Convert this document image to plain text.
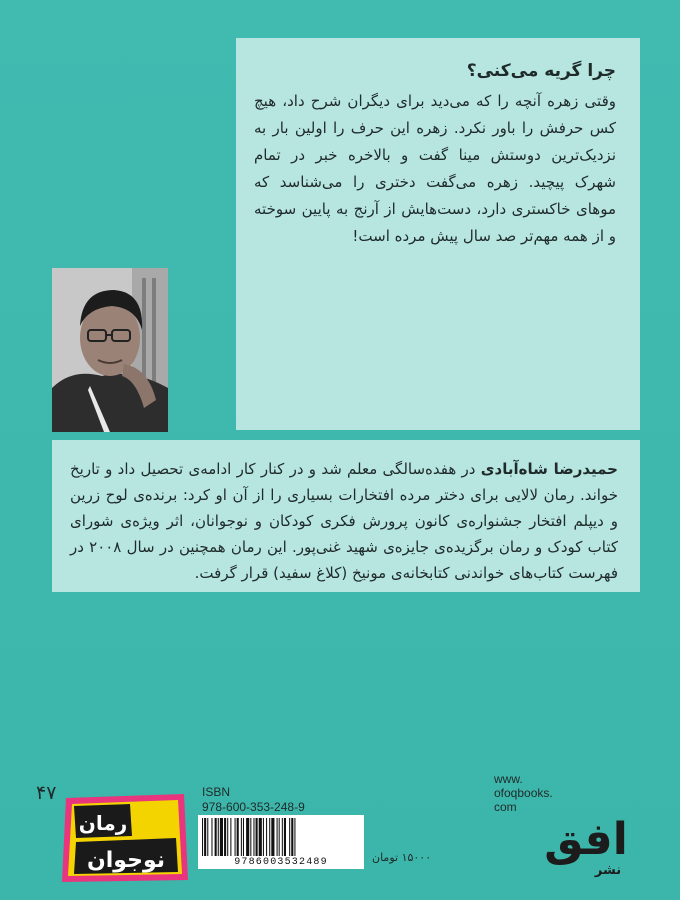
چرا گریه می‌کنی؟

وقتی زهره آنچه را که می‌دید برای دیگران شرح داد، هیچ کس حرفش را باور نکرد. زهره این حرف را اولین بار به نزدیک‌ترین دوستش مینا گفت و بالاخره خبر در تمام شهرک پیچید. زهره می‌گفت دختری را می‌شناسد که موهای خاکستری دارد، دست‌هایش از آرنج به پایین سوخته و از همه مهم‌تر صد سال پیش مرده است!

حمیدرضا شاه‌آبادی در هفده‌سالگی معلم شد و در کنار کار ادامه‌ی تحصیل داد و تاریخ خواند. رمان لالایی برای دختر مرده افتخارات بسیاری را از آن او کرد: برنده‌ی لوح زرین و دیپلم افتخار جشنواره‌ی کانون پرورش فکری کودکان و نوجوانان، اثر ویژه‌ی شورای کتاب کودک و رمان برگزیده‌ی جایزه‌ی شهید غنی‌پور. این رمان همچنین در سال ۲۰۰۸ در فهرست کتاب‌های خواندنی کتابخانه‌ی مونیخ (کلاغ سفید) قرار گرفت.

۴۷
رمان
نوجوان
ISBN
978-600-353-248-9
9786003532489	۱۵۰۰۰ تومان
www.
ofoqbooks.
com
افق
نشر
